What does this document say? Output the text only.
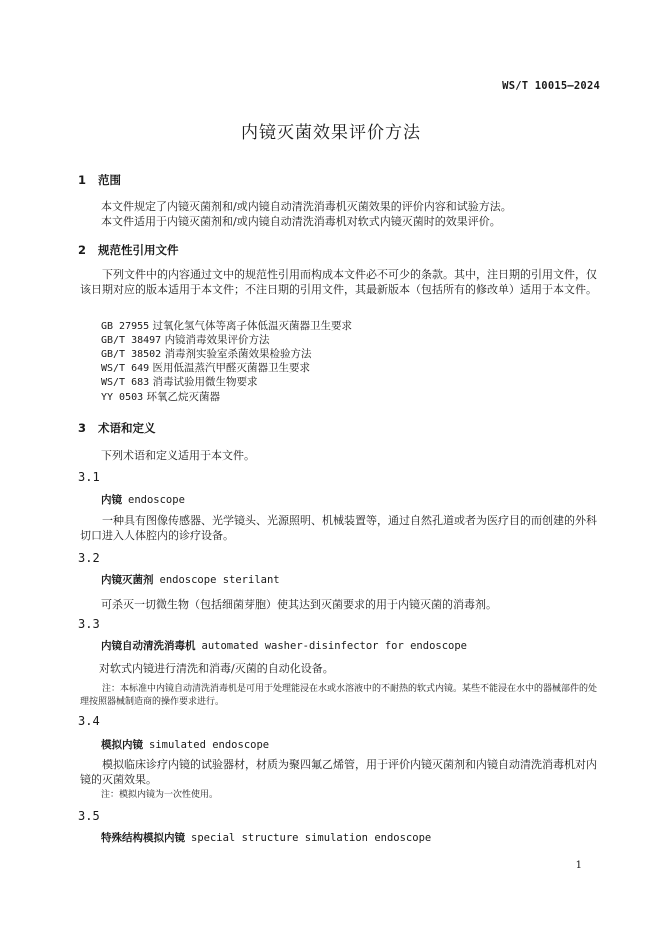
WS/T 10015—2024
内镜灭菌效果评价方法
1 范围
本文件规定了内镜灭菌剂和/或内镜自动清洗消毒机灭菌效果的评价内容和试验方法。
本文件适用于内镜灭菌剂和/或内镜自动清洗消毒机对软式内镜灭菌时的效果评价。
2 规范性引用文件
下列文件中的内容通过文中的规范性引用而构成本文件必不可少的条款。其中，注日期的引用文件，仅该日期对应的版本适用于本文件；不注日期的引用文件，其最新版本（包括所有的修改单）适用于本文件。
GB 27955 过氧化氢气体等离子体低温灭菌器卫生要求
GB/T 38497 内镜消毒效果评价方法
GB/T 38502 消毒剂实验室杀菌效果检验方法
WS/T 649 医用低温蒸汽甲醛灭菌器卫生要求
WS/T 683 消毒试验用微生物要求
YY 0503 环氧乙烷灭菌器
3 术语和定义
下列术语和定义适用于本文件。
3.1
内镜 endoscope
一种具有图像传感器、光学镜头、光源照明、机械装置等，通过自然孔道或者为医疗目的而创建的外科切口进入人体腔内的诊疗设备。
3.2
内镜灭菌剂 endoscope sterilant
可杀灭一切微生物（包括细菌芽胞）使其达到灭菌要求的用于内镜灭菌的消毒剂。
3.3
内镜自动清洗消毒机 automated washer-disinfector for endoscope
对软式内镜进行清洗和消毒/灭菌的自动化设备。
注：本标准中内镜自动清洗消毒机是可用于处理能浸在水或水溶液中的不耐热的软式内镜。某些不能浸在水中的器械部件的处理按照器械制造商的操作要求进行。
3.4
模拟内镜 simulated endoscope
模拟临床诊疗内镜的试验器材，材质为聚四氟乙烯管，用于评价内镜灭菌剂和内镜自动清洗消毒机对内镜的灭菌效果。
注：模拟内镜为一次性使用。
3.5
特殊结构模拟内镜 special structure simulation endoscope
1
